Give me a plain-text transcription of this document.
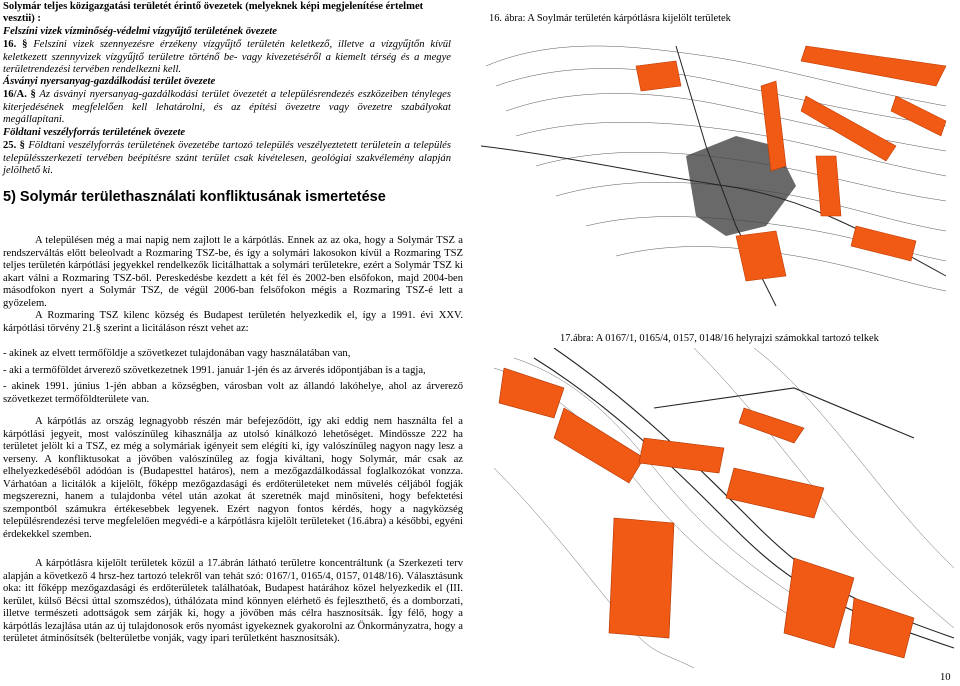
Solymár teljes közigazgatási területét érintő övezetek (melyeknek képi megjelenítése értelmet
vesztii) :
Felszíni vizek vízminőség-védelmi vízgyűjtő területének övezete
16. § Felszíni vizek szennyezésre érzékeny vízgyűjtő területén keletkező, illetve a vízgyűjtőn kívül keletkezett szennyvizek vízgyűjtő területre történő be- vagy kivezetéséről a kiemelt térség és a megye területrendezési tervében rendelkezni kell.
Ásványi nyersanyag-gazdálkodási terület övezete
16/A. § Az ásványi nyersanyag-gazdálkodási terület övezetét a településrendezés eszközeiben tényleges kiterjedésének megfelelően kell lehatárolni, és az építési övezetre vagy övezetre szabályokat megállapítani.
Földtani veszélyforrás területének övezete
25. § Földtani veszélyforrás területének övezetébe tartozó település veszélyeztetett területein a település településszerkezeti tervében beépítésre szánt terület csak kivételesen, geológiai szakvélemény alapján jelölhető ki.
5) Solymár területhasználati konfliktusának ismertetése
A településen még a mai napig nem zajlott le a kárpótlás. Ennek az az oka, hogy a Solymár TSZ a rendszerváltás előtt beleolvadt a Rozmaring TSZ-be, és így a solymári lakosokon kívül a Rozmaring TSZ teljes területén kárpótlási jegyekkel rendelkezők licitálhattak a solymári területekre, ezért a Solymár TSZ ki akart válni a Rozmaring TSZ-ből. Pereskedésbe kezdett a két fél és 2002-ben elsőfokon, majd 2004-ben másodfokon nyert a Solymár TSZ, de végül 2006-ban felsőfokon mégis a Rozmaring TSZ-é lett a győzelem.
A Rozmaring TSZ kilenc község és Budapest területén helyezkedik el, így a 1991. évi XXV. kárpótlási törvény 21.§ szerint a licitáláson részt vehet az:
- akinek az elvett termőföldje a szövetkezet tulajdonában vagy használatában van,
- aki a termőföldet árverező szövetkezetnek 1991. január 1-jén és az árverés időpontjában is a tagja,
- akinek 1991. június 1-jén abban a községben, városban volt az állandó lakóhelye, ahol az árverező szövetkezet termőföldterülete van.
A kárpótlás az ország legnagyobb részén már befejeződött, így aki eddig nem használta fel a kárpótlási jegyeit, most valószínűleg kihasználja az utolsó kínálkozó lehetőséget. Mindössze 222 ha területet jelölt ki a TSZ, ez még a solymáriak igényeit sem elégíti ki, így valószínűleg nagyon nagy lesz a verseny. A konfliktusokat a jövőben valószínűleg az fogja kiváltani, hogy Solymár, már csak az elhelyezkedéséből adódóan is (Budapesttel határos), nem a mezőgazdálkodással foglalkozókat vonzza. Várhatóan a licitálók a kijelölt, főképp mezőgazdasági és erdőterületeket nem művelés céljából fogják megszerezni, hanem a tulajdonba vétel után azokat át szeretnék majd minősíteni, hogy befektetési szempontból számukra értékesebbek legyenek. Ezért nagyon fontos kérdés, hogy a nagyközség településrendezési terve megfelelően megvédi-e a kárpótlásra kijelölt területeket (16.ábra) a későbbi, egyéni érdekekkel szemben.
A kárpótlásra kijelölt területek közül a 17.ábrán látható területre koncentráltunk (a Szerkezeti terv alapján a következő 4 hrsz-hez tartozó telekről van tehát szó: 0167/1, 0165/4, 0157, 0148/16). Választásunk oka: itt főképp mezőgazdasági és erdőterületek találhatóak, Budapest határához közel helyezkedik el (III. kerület, külső Bécsi úttal szomszédos), úthálózata mind könnyen elérhető és fejleszthető, és a domborzati, illetve természeti adottságok sem zárják ki, hogy a jövőben más célra hasznosítsák. Így félő, hogy a kárpótlás lezajlása után az új tulajdonosok erős nyomást igyekeznek gyakorolni az Önkormányzatra, hogy a területet átminősítsék (belterületbe vonják, vagy ipari területként hasznosítsák).
16. ábra: A Soylmár területén kárpótlásra kijelölt területek
17.ábra: A 0167/1, 0165/4, 0157, 0148/16 helyrajzi számokkal tartozó telkek
10
